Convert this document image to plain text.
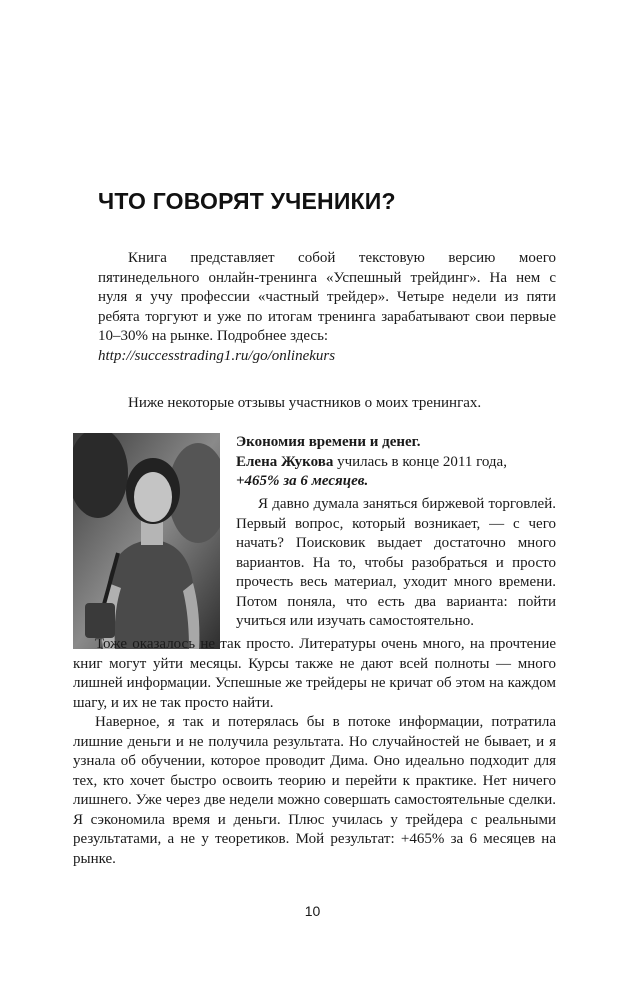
ЧТО ГОВОРЯТ УЧЕНИКИ?

Книга представляет собой текстовую версию моего пятинедельного онлайн-тренинга «Успешный трейдинг». На нем с нуля я учу профессии «частный трейдер». Четыре недели из пяти ребята торгуют и уже по итогам тренинга зарабатывают свои первые 10–30% на рынке. Подробнее здесь:

http://successtrading1.ru/go/onlinekurs
Ниже некоторые отзывы участников о моих тренингах.
Экономия времени и денег.
Елена Жукова училась в конце 2011 года,
+465% за 6 месяцев.

Я давно думала заняться биржевой торговлей. Первый вопрос, который возникает, — с чего начать? Поисковик выдает достаточно много вариантов. На то, чтобы разобраться и просто прочесть весь материал, уходит много времени. Потом поняла, что есть два варианта: пойти учиться или изучать самостоятельно.

Тоже оказалось не так просто. Литературы очень много, на прочтение книг могут уйти месяцы. Курсы также не дают всей полноты — много лишней информации. Успешные же трейдеры не кричат об этом на каждом шагу, и их не так просто найти.

Наверное, я так и потерялась бы в потоке информации, потратила лишние деньги и не получила результата. Но случайностей не бывает, и я узнала об обучении, которое проводит Дима. Оно идеально подходит для тех, кто хочет быстро освоить теорию и перейти к практике. Нет ничего лишнего. Уже через две недели можно совершать самостоятельные сделки. Я сэкономила время и деньги. Плюс училась у трейдера с реальными результатами, а не у теоретиков. Мой результат: +465% за 6 месяцев на рынке.

10
